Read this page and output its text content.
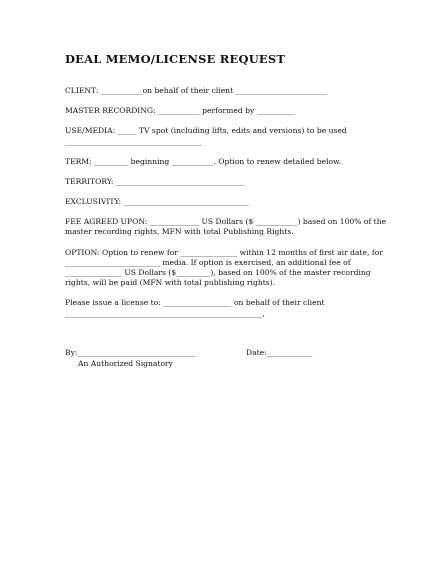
DEAL MEMO/LICENSE REQUEST
CLIENT: ___________on behalf of their client ________________________
MASTER RECORDING: ___________ performed by __________
USE/MEDIA: _____ TV spot (including lifts, edits and versions) to be used
____________________________________
TERM: _________ beginning ___________. Option to renew detailed below.
TERRITORY: __________________________________
EXCLUSIVITY: _________________________________
FEE AGREED UPON: _____________ US Dollars ($ ___________) based on 100% of the
master recording rights, MFN with total Publishing Rights.
OPTION: Option to renew for _______________ within 12 months of first air date, for
_________________________ media. If option is exercised, an additional fee of
_______________ US Dollars ($_________), based on 100% of the master recording
rights, will be paid (MFN with total publishing rights).
Please issue a license to: __________________ on behalf of their client
____________________________________________________,
By:_______________________________
An Authorized Signatory
Date:____________
